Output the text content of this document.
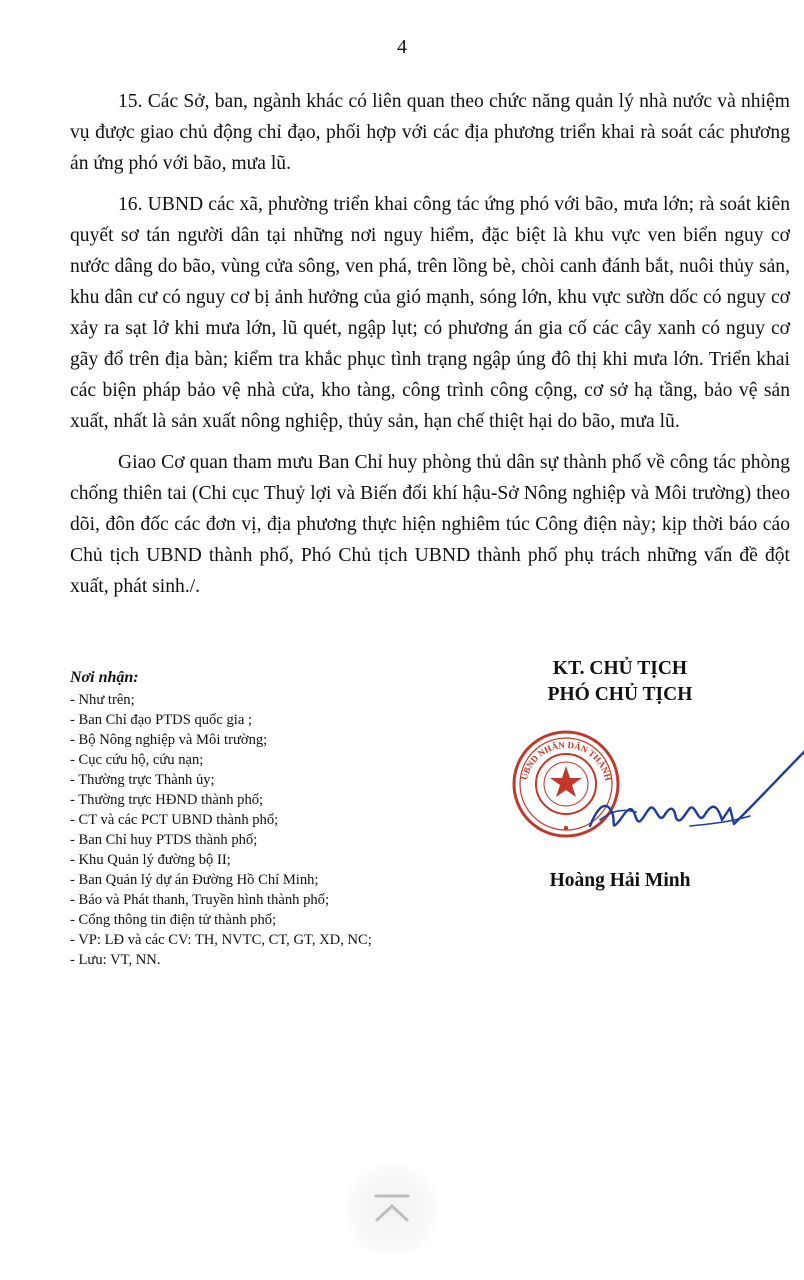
4

15. Các Sở, ban, ngành khác có liên quan theo chức năng quản lý nhà nước và nhiệm vụ được giao chủ động chỉ đạo, phối hợp với các địa phương triển khai rà soát các phương án ứng phó với bão, mưa lũ.

16. UBND các xã, phường triển khai công tác ứng phó với bão, mưa lớn; rà soát kiên quyết sơ tán người dân tại những nơi nguy hiểm, đặc biệt là khu vực ven biển nguy cơ nước dâng do bão, vùng cửa sông, ven phá, trên lồng bè, chòi canh đánh bắt, nuôi thủy sản, khu dân cư có nguy cơ bị ảnh hưởng của gió mạnh, sóng lớn, khu vực sườn dốc có nguy cơ xảy ra sạt lở khi mưa lớn, lũ quét, ngập lụt; có phương án gia cố các cây xanh có nguy cơ gãy đổ trên địa bàn; kiểm tra khắc phục tình trạng ngập úng đô thị khi mưa lớn. Triển khai các biện pháp bảo vệ nhà cửa, kho tàng, công trình công cộng, cơ sở hạ tầng, bảo vệ sản xuất, nhất là sản xuất nông nghiệp, thủy sản, hạn chế thiệt hại do bão, mưa lũ.

Giao Cơ quan tham mưu Ban Chỉ huy phòng thủ dân sự thành phố về công tác phòng chống thiên tai (Chi cục Thuỷ lợi và Biến đổi khí hậu-Sở Nông nghiệp và Môi trường) theo dõi, đôn đốc các đơn vị, địa phương thực hiện nghiêm túc Công điện này; kịp thời báo cáo Chủ tịch UBND thành phố, Phó Chủ tịch UBND thành phố phụ trách những vấn đề đột xuất, phát sinh./.

Nơi nhận:
- Như trên;
- Ban Chỉ đạo PTDS quốc gia ;
- Bộ Nông nghiệp và Môi trường;
- Cục cứu hộ, cứu nạn;
- Thường trực Thành ủy;
- Thường trực HĐND thành phố;
- CT và các PCT UBND thành phố;
- Ban Chỉ huy PTDS thành phố;
- Khu Quản lý đường bộ II;
- Ban Quản lý dự án Đường Hồ Chí Minh;
- Báo và Phát thanh, Truyền hình thành phố;
- Cổng thông tin điện tử thành phố;
- VP: LĐ và các CV: TH, NVTC, CT, GT, XD, NC;
- Lưu: VT, NN.
KT. CHỦ TỊCH
PHÓ CHỦ TỊCH
UBND NHÂN DÂN THÀNH
Hoàng Hải Minh
